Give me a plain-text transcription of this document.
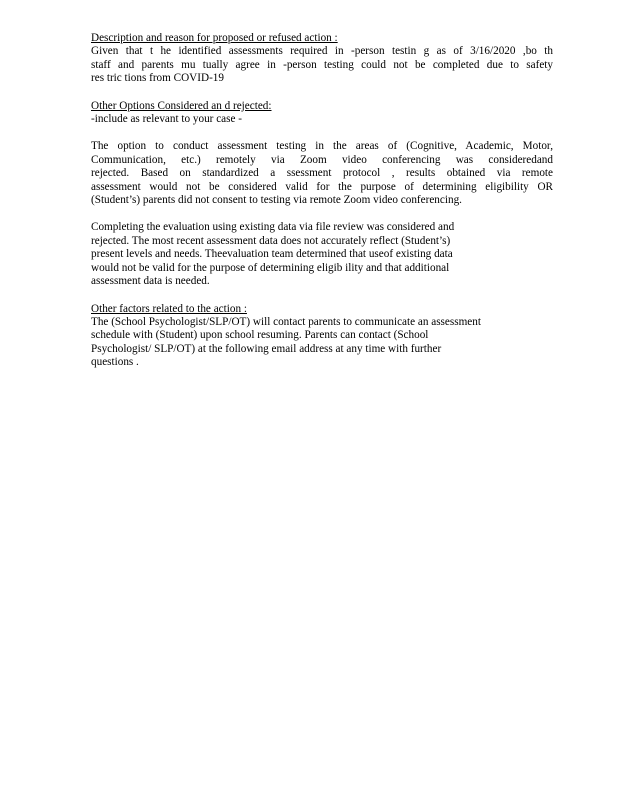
Description and reason for proposed or refused action :

Given that t he identified assessments required in -person testin g as of 3/16/2020 ,bo th

staff and parents mu tually agree in -person testing could not be completed due to safety

res tric tions from COVID-19

Other Options Considered an d rejected:

-include as relevant to your case -

The option to conduct assessment testing in the areas of (Cognitive, Academic, Motor,

Communication, etc.) remotely via Zoom video conferencing was consideredand

rejected. Based on standardized a ssessment protocol , results obtained via remote

assessment would not be considered valid for the purpose of determining eligibility OR

(Student’s) parents did not consent to testing via remote Zoom video conferencing.

Completing the evaluation using existing data via file review was considered and

rejected. The most recent assessment data does not accurately reflect (Student’s)

present levels and needs. Theevaluation team determined that useof existing data

would not be valid for the purpose of determining eligib ility and that additional

assessment data is needed.

Other factors related to the action :

The (School Psychologist/SLP/OT) will contact parents to communicate an assessment

schedule with (Student) upon school resuming. Parents can contact (School

Psychologist/ SLP/OT) at the following email address at any time with further

questions .
